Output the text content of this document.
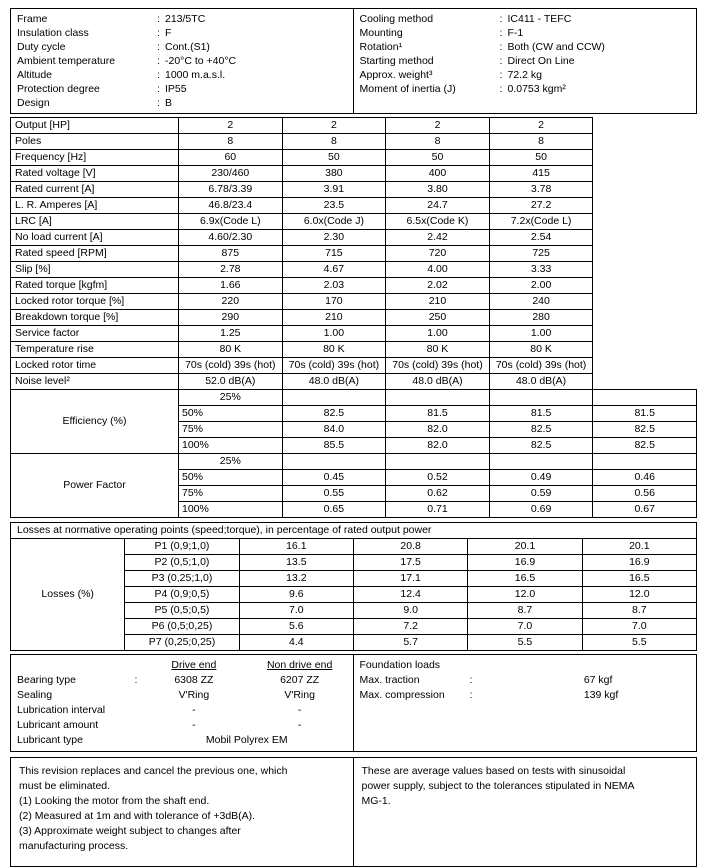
Frame	:	213/5TC
Insulation class	:	F
Duty cycle	:	Cont.(S1)
Ambient temperature	:	-20°C to +40°C
Altitude	:	1000 m.a.s.l.
Protection degree	:	IP55
Design	:	B
Cooling method	:	IC411 - TEFC
Mounting	:	F-1
Rotation¹	:	Both (CW and CCW)
Starting method	:	Direct On Line
Approx. weight³	:	72.2 kg
Moment of inertia (J)	:	0.0753 kgm²

Output [HP]	2	2	2	2	
Poles	8	8	8	8	
Frequency [Hz]	60	50	50	50	
Rated voltage [V]	230/460	380	400	415	
Rated current [A]	6.78/3.39	3.91	3.80	3.78	
L. R. Amperes [A]	46.8/23.4	23.5	24.7	27.2	
LRC [A]	6.9x(Code L)	6.0x(Code J)	6.5x(Code K)	7.2x(Code L)	
No load current [A]	4.60/2.30	2.30	2.42	2.54	
Rated speed [RPM]	875	715	720	725	
Slip [%]	2.78	4.67	4.00	3.33	
Rated torque [kgfm]	1.66	2.03	2.02	2.00	
Locked rotor torque [%]	220	170	210	240	
Breakdown torque [%]	290	210	250	280	
Service factor	1.25	1.00	1.00	1.00	
Temperature rise	80 K	80 K	80 K	80 K	
Locked rotor time	70s (cold) 39s (hot)	70s (cold) 39s (hot)	70s (cold) 39s (hot)	70s (cold) 39s (hot)	
Noise level²	52.0 dB(A)	48.0 dB(A)	48.0 dB(A)	48.0 dB(A)	
Efficiency (%)	25%				
	50%	82.5	81.5	81.5	81.5
	75%	84.0	82.0	82.5	82.5
	100%	85.5	82.0	82.5	82.5
Power Factor	25%				
	50%	0.45	0.52	0.49	0.46
	75%	0.55	0.62	0.59	0.56
	100%	0.65	0.71	0.69	0.67
Losses at normative operating points (speed;torque), in percentage of rated output power					
Losses (%)	P1 (0,9;1,0)	16.1	20.8	20.1	20.1
	P2 (0,5;1,0)	13.5	17.5	16.9	16.9
	P3 (0,25;1,0)	13.2	17.1	16.5	16.5
	P4 (0,9;0,5)	9.6	12.4	12.0	12.0
	P5 (0,5;0,5)	7.0	9.0	8.7	8.7
	P6 (0,5;0,25)	5.6	7.2	7.0	7.0
	P7 (0,25;0,25)	4.4	5.7	5.5	5.5
		Drive end	Non drive end
Bearing type	:	6308 ZZ	6207 ZZ
Sealing		V'Ring	V'Ring
Lubrication interval		-	-
Lubricant amount		-	-
Lubricant type		Mobil Polyrex EM	
Foundation loads		
Max. traction	:	67 kgf
Max. compression	:	139 kgf

This revision replaces and cancel the previous one, which
must be eliminated.
(1) Looking the motor from the shaft end.
(2) Measured at 1m and with tolerance of +3dB(A).
(3) Approximate weight subject to changes after
manufacturing process.
These are average values based on tests with sinusoidal
power supply, subject to the tolerances stipulated in NEMA
MG-1.
